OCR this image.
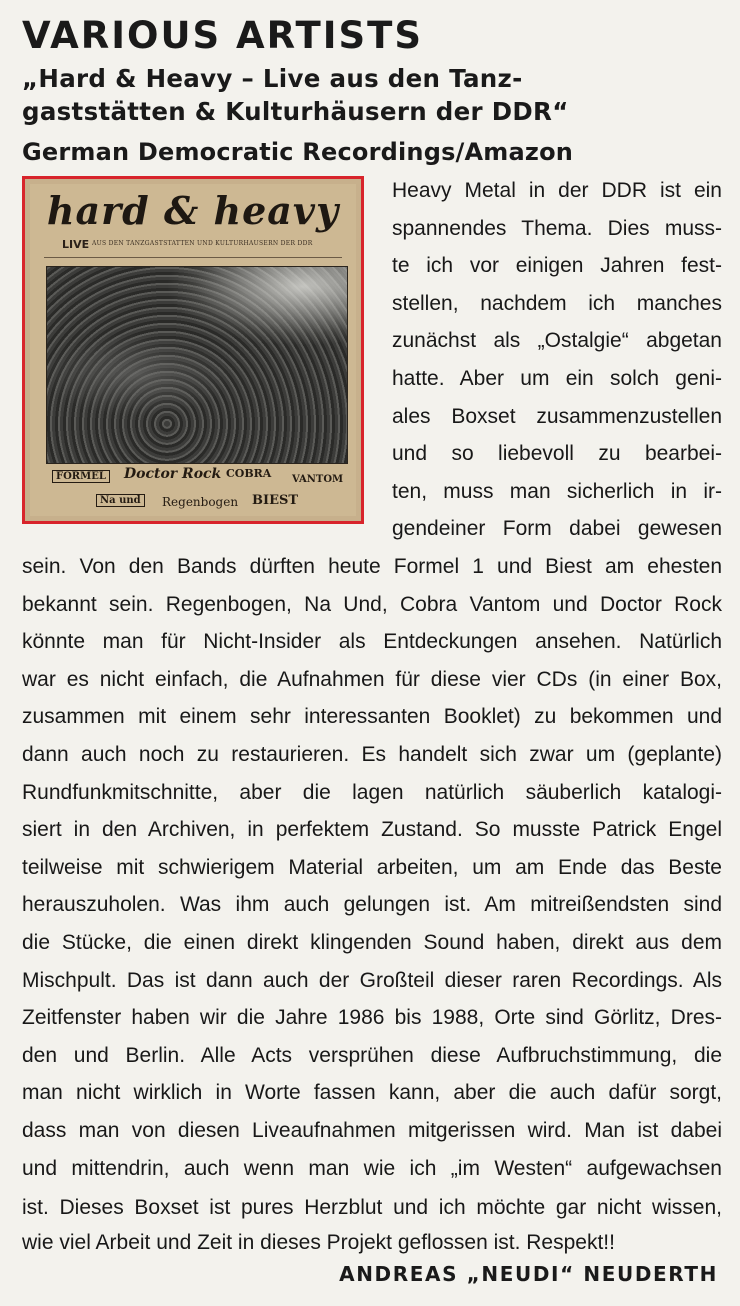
VARIOUS ARTISTS
„Hard & Heavy – Live aus den Tanz-
gaststätten & Kulturhäusern der DDR“
German Democratic Recordings/Amazon
hard & heavy
LIVE AUS DEN TANZGASTSTÄTTEN UND KULTURHÄUSERN DER DDR
FORMEL Doctor Rock COBRA VANTOM
Na und	Regenbogen BIEST
Heavy Metal in der DDR ist ein
spannendes Thema. Dies muss-
te ich vor einigen Jahren fest-
stellen, nachdem ich manches
zunächst als „Ostalgie“ abgetan
hatte. Aber um ein solch geni-
ales Boxset zusammenzustellen
und so liebevoll zu bearbei-
ten, muss man sicherlich in ir-
gendeiner Form dabei gewesen
sein. Von den Bands dürften heute Formel 1 und Biest am ehesten
bekannt sein. Regenbogen, Na Und, Cobra Vantom und Doctor Rock
könnte man für Nicht-Insider als Entdeckungen ansehen. Natürlich
war es nicht einfach, die Aufnahmen für diese vier CDs (in einer Box,
zusammen mit einem sehr interessanten Booklet) zu bekommen und
dann auch noch zu restaurieren. Es handelt sich zwar um (geplante)
Rundfunkmitschnitte, aber die lagen natürlich säuberlich katalogi-
siert in den Archiven, in perfektem Zustand. So musste Patrick Engel
teilweise mit schwierigem Material arbeiten, um am Ende das Beste
herauszuholen. Was ihm auch gelungen ist. Am mitreißendsten sind
die Stücke, die einen direkt klingenden Sound haben, direkt aus dem
Mischpult. Das ist dann auch der Großteil dieser raren Recordings. Als
Zeitfenster haben wir die Jahre 1986 bis 1988, Orte sind Görlitz, Dres-
den und Berlin. Alle Acts versprühen diese Aufbruchstimmung, die
man nicht wirklich in Worte fassen kann, aber die auch dafür sorgt,
dass man von diesen Liveaufnahmen mitgerissen wird. Man ist dabei
und mittendrin, auch wenn man wie ich „im Westen“ aufgewachsen
ist. Dieses Boxset ist pures Herzblut und ich möchte gar nicht wissen,
wie viel Arbeit und Zeit in dieses Projekt geflossen ist. Respekt!!
ANDREAS „NEUDI“ NEUDERTH
